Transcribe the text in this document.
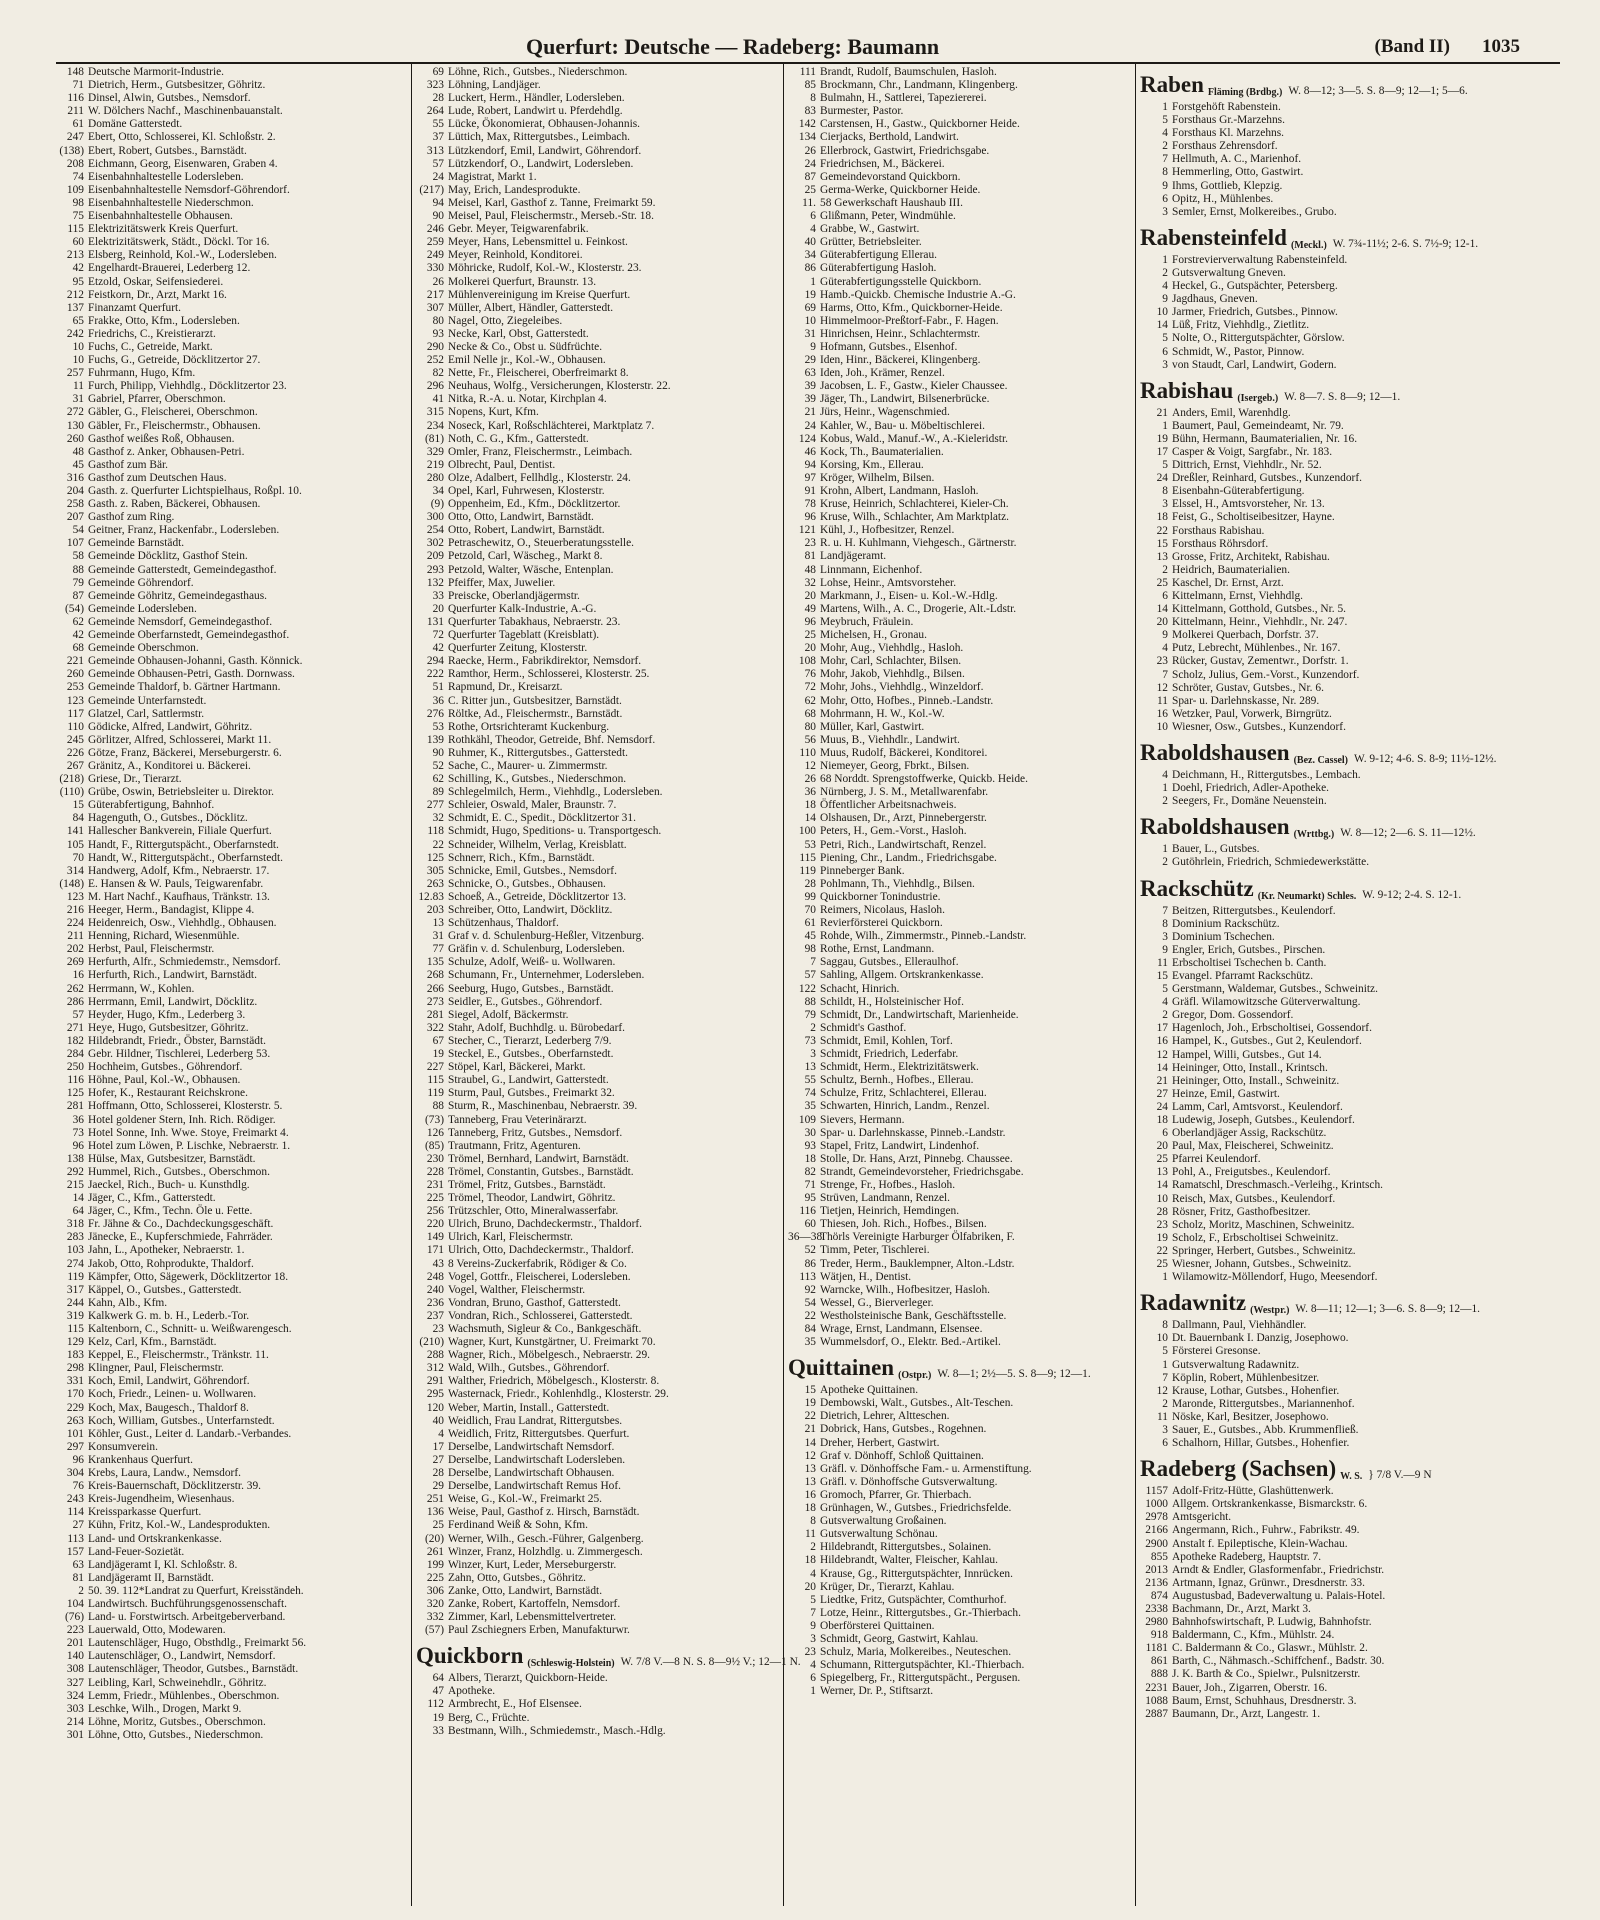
Querfurt: Deutsche — Radeberg: Baumann	(Band II) 1035
148 Deutsche Marmorit-Industrie.
71 Dietrich, Herm., Gutsbesitzer, Göhritz.
116 Dinsel, Alwin, Gutsbes., Nemsdorf.
211 W. Dölchers Nachf., Maschinenbauanstalt.
61 Domäne Gatterstedt.
247 Ebert, Otto, Schlosserei, Kl. Schloßstr. 2.
(138) Ebert, Robert, Gutsbes., Barnstädt.
208 Eichmann, Georg, Eisenwaren, Graben 4.
74 Eisenbahnhaltestelle Lodersleben.
109 Eisenbahnhaltestelle Nemsdorf-Göhrendorf.
98 Eisenbahnhaltestelle Niederschmon.
75 Eisenbahnhaltestelle Obhausen.
115 Elektrizitätswerk Kreis Querfurt.
60 Elektrizitätswerk, Städt., Döckl. Tor 16.
213 Elsberg, Reinhold, Kol.-W., Lodersleben.
42 Engelhardt-Brauerei, Lederberg 12.
95 Etzold, Oskar, Seifensiederei.
212 Feistkorn, Dr., Arzt, Markt 16.
137 Finanzamt Querfurt.
65 Frakke, Otto, Kfm., Lodersleben.
242 Friedrichs, C., Kreistierarzt.
10 Fuchs, C., Getreide, Markt.
10 Fuchs, G., Getreide, Döcklitzertor 27.
257 Fuhrmann, Hugo, Kfm.
11 Furch, Philipp, Viehhdlg., Döcklitzertor 23.
31 Gabriel, Pfarrer, Oberschmon.
272 Gäbler, G., Fleischerei, Oberschmon.
130 Gäbler, Fr., Fleischermstr., Obhausen.
260 Gasthof weißes Roß, Obhausen.
48 Gasthof z. Anker, Obhausen-Petri.
45 Gasthof zum Bär.
316 Gasthof zum Deutschen Haus.
204 Gasth. z. Querfurter Lichtspielhaus, Roßpl. 10.
258 Gasth. z. Raben, Bäckerei, Obhausen.
207 Gasthof zum Ring.
54 Geitner, Franz, Hackenfabr., Lodersleben.
107 Gemeinde Barnstädt.
58 Gemeinde Döcklitz, Gasthof Stein.
88 Gemeinde Gatterstedt, Gemeindegasthof.
79 Gemeinde Göhrendorf.
87 Gemeinde Göhritz, Gemeindegasthaus.
(54) Gemeinde Lodersleben.
62 Gemeinde Nemsdorf, Gemeindegasthof.
42 Gemeinde Oberfarnstedt, Gemeindegasthof.
68 Gemeinde Oberschmon.
221 Gemeinde Obhausen-Johanni, Gasth. Könnick.
260 Gemeinde Obhausen-Petri, Gasth. Dornwass.
253 Gemeinde Thaldorf, b. Gärtner Hartmann.
123 Gemeinde Unterfarnstedt.
117 Glatzel, Carl, Sattlermstr.
110 Gödicke, Alfred, Landwirt, Göhritz.
245 Görlitzer, Alfred, Schlosserei, Markt 11.
226 Götze, Franz, Bäckerei, Merseburgerstr. 6.
267 Gränitz, A., Konditorei u. Bäckerei.
(218) Griese, Dr., Tierarzt.
(110) Grübe, Oswin, Betriebsleiter u. Direktor.
15 Güterabfertigung, Bahnhof.
84 Hagenguth, O., Gutsbes., Döcklitz.
141 Hallescher Bankverein, Filiale Querfurt.
105 Handt, F., Rittergutspächt., Oberfarnstedt.
70 Handt, W., Rittergutspächt., Oberfarnstedt.
314 Handwerg, Adolf, Kfm., Nebraerstr. 17.
(148) E. Hansen & W. Pauls, Teigwarenfabr.
123 M. Hart Nachf., Kaufhaus, Tränkstr. 13.
216 Heeger, Herm., Bandagist, Klippe 4.
224 Heidenreich, Osw., Viehhdlg., Obhausen.
211 Henning, Richard, Wiesenmühle.
202 Herbst, Paul, Fleischermstr.
269 Herfurth, Alfr., Schmiedemstr., Nemsdorf.
16 Herfurth, Rich., Landwirt, Barnstädt.
262 Herrmann, W., Kohlen.
286 Herrmann, Emil, Landwirt, Döcklitz.
57 Heyder, Hugo, Kfm., Lederberg 3.
271 Heye, Hugo, Gutsbesitzer, Göhritz.
182 Hildebrandt, Friedr., Öbster, Barnstädt.
284 Gebr. Hildner, Tischlerei, Lederberg 53.
250 Hochheim, Gutsbes., Göhrendorf.
116 Höhne, Paul, Kol.-W., Obhausen.
125 Hofer, K., Restaurant Reichskrone.
281 Hoffmann, Otto, Schlosserei, Klosterstr. 5.
36 Hotel goldener Stern, Inh. Rich. Rödiger.
73 Hotel Sonne, Inh. Wwe. Stoye, Freimarkt 4.
96 Hotel zum Löwen, P. Lischke, Nebraerstr. 1.
138 Hülse, Max, Gutsbesitzer, Barnstädt.
292 Hummel, Rich., Gutsbes., Oberschmon.
215 Jaeckel, Rich., Buch- u. Kunsthdlg.
14 Jäger, C., Kfm., Gatterstedt.
64 Jäger, C., Kfm., Techn. Öle u. Fette.
318 Fr. Jähne & Co., Dachdeckungsgeschäft.
283 Jänecke, E., Kupferschmiede, Fahrräder.
103 Jahn, L., Apotheker, Nebraerstr. 1.
274 Jakob, Otto, Rohprodukte, Thaldorf.
119 Kämpfer, Otto, Sägewerk, Döcklitzertor 18.
317 Käppel, O., Gutsbes., Gatterstedt.
244 Kahn, Alb., Kfm.
319 Kalkwerk G. m. b. H., Lederb.-Tor.
115 Kaltenborn, C., Schnitt- u. Weißwarengesch.
129 Kelz, Carl, Kfm., Barnstädt.
183 Keppel, E., Fleischermstr., Tränkstr. 11.
298 Klingner, Paul, Fleischermstr.
331 Koch, Emil, Landwirt, Göhrendorf.
170 Koch, Friedr., Leinen- u. Wollwaren.
229 Koch, Max, Baugesch., Thaldorf 8.
263 Koch, William, Gutsbes., Unterfarnstedt.
101 Köhler, Gust., Leiter d. Landarb.-Verbandes.
297 Konsumverein.
96 Krankenhaus Querfurt.
304 Krebs, Laura, Landw., Nemsdorf.
76 Kreis-Bauernschaft, Döcklitzerstr. 39.
243 Kreis-Jugendheim, Wiesenhaus.
114 Kreissparkasse Querfurt.
27 Kühn, Fritz, Kol.-W., Landesprodukten.
113 Land- und Ortskrankenkasse.
157 Land-Feuer-Sozietät.
63 Landjägeramt I, Kl. Schloßstr. 8.
81 Landjägeramt II, Barnstädt.
2 50. 39. 112*Landrat zu Querfurt, Kreisständeh.
104 Landwirtsch. Buchführungsgenossenschaft.
(76) Land- u. Forstwirtsch. Arbeitgeberverband.
223 Lauerwald, Otto, Modewaren.
201 Lautenschläger, Hugo, Obsthdlg., Freimarkt 56.
140 Lautenschläger, O., Landwirt, Nemsdorf.
308 Lautenschläger, Theodor, Gutsbes., Barnstädt.
327 Leibling, Karl, Schweinehdlr., Göhritz.
324 Lemm, Friedr., Mühlenbes., Oberschmon.
303 Leschke, Wilh., Drogen, Markt 9.
214 Löhne, Moritz, Gutsbes., Oberschmon.
301 Löhne, Otto, Gutsbes., Niederschmon.
69 Löhne, Rich., Gutsbes., Niederschmon.
323 Löhning, Landjäger.
28 Luckert, Herm., Händler, Lodersleben.
264 Lude, Robert, Landwirt u. Pferdehdlg.
55 Lücke, Ökonomierat, Obhausen-Johannis.
37 Lüttich, Max, Rittergutsbes., Leimbach.
313 Lützkendorf, Emil, Landwirt, Göhrendorf.
57 Lützkendorf, O., Landwirt, Lodersleben.
24 Magistrat, Markt 1.
(217) May, Erich, Landesprodukte.
94 Meisel, Karl, Gasthof z. Tanne, Freimarkt 59.
90 Meisel, Paul, Fleischermstr., Merseb.-Str. 18.
246 Gebr. Meyer, Teigwarenfabrik.
259 Meyer, Hans, Lebensmittel u. Feinkost.
249 Meyer, Reinhold, Konditorei.
330 Möhricke, Rudolf, Kol.-W., Klosterstr. 23.
26 Molkerei Querfurt, Braunstr. 13.
217 Mühlenvereinigung im Kreise Querfurt.
307 Müller, Albert, Händler, Gatterstedt.
80 Nagel, Otto, Ziegeleibes.
93 Necke, Karl, Obst, Gatterstedt.
290 Necke & Co., Obst u. Südfrüchte.
252 Emil Nelle jr., Kol.-W., Obhausen.
82 Nette, Fr., Fleischerei, Oberfreimarkt 8.
296 Neuhaus, Wolfg., Versicherungen, Klosterstr. 22.
41 Nitka, R.-A. u. Notar, Kirchplan 4.
315 Nopens, Kurt, Kfm.
234 Noseck, Karl, Roßschlächterei, Marktplatz 7.
(81) Noth, C. G., Kfm., Gatterstedt.
329 Omler, Franz, Fleischermstr., Leimbach.
219 Olbrecht, Paul, Dentist.
280 Olze, Adalbert, Fellhdlg., Klosterstr. 24.
34 Opel, Karl, Fuhrwesen, Klosterstr.
(9) Oppenheim, Ed., Kfm., Döcklitzertor.
300 Otto, Otto, Landwirt, Barnstädt.
254 Otto, Robert, Landwirt, Barnstädt.
302 Petraschewitz, O., Steuerberatungsstelle.
209 Petzold, Carl, Wäscheg., Markt 8.
293 Petzold, Walter, Wäsche, Entenplan.
132 Pfeiffer, Max, Juwelier.
33 Preiscke, Oberlandjägermstr.
20 Querfurter Kalk-Industrie, A.-G.
131 Querfurter Tabakhaus, Nebraerstr. 23.
72 Querfurter Tageblatt (Kreisblatt).
42 Querfurter Zeitung, Klosterstr.
294 Raecke, Herm., Fabrikdirektor, Nemsdorf.
222 Ramthor, Herm., Schlosserei, Klosterstr. 25.
51 Rapmund, Dr., Kreisarzt.
36 C. Ritter jun., Gutsbesitzer, Barnstädt.
276 Röltke, Ad., Fleischermstr., Barnstädt.
53 Rothe, Ortsrichteramt Kuckenburg.
139 Rothkähl, Theodor, Getreide, Bhf. Nemsdorf.
90 Ruhmer, K., Rittergutsbes., Gatterstedt.
52 Sache, C., Maurer- u. Zimmermstr.
62 Schilling, K., Gutsbes., Niederschmon.
89 Schlegelmilch, Herm., Viehhdlg., Lodersleben.
277 Schleier, Oswald, Maler, Braunstr. 7.
32 Schmidt, E. C., Spedit., Döcklitzertor 31.
118 Schmidt, Hugo, Speditions- u. Transportgesch.
22 Schneider, Wilhelm, Verlag, Kreisblatt.
125 Schnerr, Rich., Kfm., Barnstädt.
305 Schnicke, Emil, Gutsbes., Nemsdorf.
263 Schnicke, O., Gutsbes., Obhausen.
12.83 Schoeß, A., Getreide, Döcklitzertor 13.
203 Schreiber, Otto, Landwirt, Döcklitz.
13 Schützenhaus, Thaldorf.
31 Graf v. d. Schulenburg-Heßler, Vitzenburg.
77 Gräfin v. d. Schulenburg, Lodersleben.
135 Schulze, Adolf, Weiß- u. Wollwaren.
268 Schumann, Fr., Unternehmer, Lodersleben.
266 Seeburg, Hugo, Gutsbes., Barnstädt.
273 Seidler, E., Gutsbes., Göhrendorf.
281 Siegel, Adolf, Bäckermstr.
322 Stahr, Adolf, Buchhdlg. u. Bürobedarf.
67 Stecher, C., Tierarzt, Lederberg 7/9.
19 Steckel, E., Gutsbes., Oberfarnstedt.
227 Stöpel, Karl, Bäckerei, Markt.
115 Straubel, G., Landwirt, Gatterstedt.
119 Sturm, Paul, Gutsbes., Freimarkt 32.
88 Sturm, R., Maschinenbau, Nebraerstr. 39.
(73) Tanneberg, Frau Veterinärarzt.
126 Tanneberg, Fritz, Gutsbes., Nemsdorf.
(85) Trautmann, Fritz, Agenturen.
230 Trömel, Bernhard, Landwirt, Barnstädt.
228 Trömel, Constantin, Gutsbes., Barnstädt.
231 Trömel, Fritz, Gutsbes., Barnstädt.
225 Trömel, Theodor, Landwirt, Göhritz.
256 Trützschler, Otto, Mineralwasserfabr.
220 Ulrich, Bruno, Dachdeckermstr., Thaldorf.
149 Ulrich, Karl, Fleischermstr.
171 Ulrich, Otto, Dachdeckermstr., Thaldorf.
43 8 Vereins-Zuckerfabrik, Rödiger & Co.
248 Vogel, Gottfr., Fleischerei, Lodersleben.
240 Vogel, Walther, Fleischermstr.
236 Vondran, Bruno, Gasthof, Gatterstedt.
237 Vondran, Rich., Schlosserei, Gatterstedt.
23 Wachsmuth, Sigleur & Co., Bankgeschäft.
(210) Wagner, Kurt, Kunstgärtner, U. Freimarkt 70.
288 Wagner, Rich., Möbelgesch., Nebraerstr. 29.
312 Wald, Wilh., Gutsbes., Göhrendorf.
291 Walther, Friedrich, Möbelgesch., Klosterstr. 8.
295 Wasternack, Friedr., Kohlenhdlg., Klosterstr. 29.
120 Weber, Martin, Install., Gatterstedt.
40 Weidlich, Frau Landrat, Rittergutsbes.
4 Weidlich, Fritz, Rittergutsbes. Querfurt.
17 Derselbe, Landwirtschaft Nemsdorf.
27 Derselbe, Landwirtschaft Lodersleben.
28 Derselbe, Landwirtschaft Obhausen.
29 Derselbe, Landwirtschaft Remus Hof.
251 Weise, G., Kol.-W., Freimarkt 25.
136 Weise, Paul, Gasthof z. Hirsch, Barnstädt.
25 Ferdinand Weiß & Sohn, Kfm.
(20) Werner, Wilh., Gesch.-Führer, Galgenberg.
261 Winzer, Franz, Holzhdlg. u. Zimmergesch.
199 Winzer, Kurt, Leder, Merseburgerstr.
225 Zahn, Otto, Gutsbes., Göhritz.
306 Zanke, Otto, Landwirt, Barnstädt.
320 Zanke, Robert, Kartoffeln, Nemsdorf.
332 Zimmer, Karl, Lebensmittelvertreter.
(57) Paul Zschiegners Erben, Manufakturwr.
Quickborn (Schleswig-Holstein) W. 7/8 V.—8 N. S. 8—9½ V.; 12—1 N.
64 Albers, Tierarzt, Quickborn-Heide.
47 Apotheke.
112 Armbrecht, E., Hof Elsensee.
19 Berg, C., Früchte.
33 Bestmann, Wilh., Schmiedemstr., Masch.-Hdlg.
111 Brandt, Rudolf, Baumschulen, Hasloh.
85 Brockmann, Chr., Landmann, Klingenberg.
8 Bulmahn, H., Sattlerei, Tapeziererei.
83 Burmester, Pastor.
142 Carstensen, H., Gastw., Quickborner Heide.
134 Cierjacks, Berthold, Landwirt.
26 Ellerbrock, Gastwirt, Friedrichsgabe.
24 Friedrichsen, M., Bäckerei.
87 Gemeindevorstand Quickborn.
25 Germa-Werke, Quickborner Heide.
11. 58 Gewerkschaft Haushaub III.
6 Glißmann, Peter, Windmühle.
4 Grabbe, W., Gastwirt.
40 Grütter, Betriebsleiter.
34 Güterabfertigung Ellerau.
86 Güterabfertigung Hasloh.
1 Güterabfertigungsstelle Quickborn.
19 Hamb.-Quickb. Chemische Industrie A.-G.
69 Harms, Otto, Kfm., Quickborner-Heide.
10 Himmelmoor-Preßtorf-Fabr., F. Hagen.
31 Hinrichsen, Heinr., Schlachtermstr.
9 Hofmann, Gutsbes., Elsenhof.
29 Iden, Hinr., Bäckerei, Klingenberg.
63 Iden, Joh., Krämer, Renzel.
39 Jacobsen, L. F., Gastw., Kieler Chaussee.
39 Jäger, Th., Landwirt, Bilsenerbrücke.
21 Jürs, Heinr., Wagenschmied.
24 Kahler, W., Bau- u. Möbeltischlerei.
124 Kobus, Wald., Manuf.-W., A.-Kieleridstr.
46 Kock, Th., Baumaterialien.
94 Korsing, Km., Ellerau.
97 Kröger, Wilhelm, Bilsen.
91 Krohn, Albert, Landmann, Hasloh.
78 Kruse, Heinrich, Schlachterei, Kieler-Ch.
96 Kruse, Wilh., Schlachter, Am Marktplatz.
121 Kühl, J., Hofbesitzer, Renzel.
23 R. u. H. Kuhlmann, Viehgesch., Gärtnerstr.
81 Landjägeramt.
48 Linnmann, Eichenhof.
32 Lohse, Heinr., Amtsvorsteher.
20 Markmann, J., Eisen- u. Kol.-W.-Hdlg.
49 Martens, Wilh., A. C., Drogerie, Alt.-Ldstr.
96 Meybruch, Fräulein.
25 Michelsen, H., Gronau.
20 Mohr, Aug., Viehhdlg., Hasloh.
108 Mohr, Carl, Schlachter, Bilsen.
76 Mohr, Jakob, Viehhdlg., Bilsen.
72 Mohr, Johs., Viehhdlg., Winzeldorf.
62 Mohr, Otto, Hofbes., Pinneb.-Landstr.
68 Mohrmann, H. W., Kol.-W.
80 Müller, Karl, Gastwirt.
56 Muus, B., Viehhdlr., Landwirt.
110 Muus, Rudolf, Bäckerei, Konditorei.
12 Niemeyer, Georg, Fbrkt., Bilsen.
26 68 Norddt. Sprengstoffwerke, Quickb. Heide.
36 Nürnberg, J. S. M., Metallwarenfabr.
18 Öffentlicher Arbeitsnachweis.
14 Olshausen, Dr., Arzt, Pinnebergerstr.
100 Peters, H., Gem.-Vorst., Hasloh.
53 Petri, Rich., Landwirtschaft, Renzel.
115 Piening, Chr., Landm., Friedrichsgabe.
119 Pinneberger Bank.
28 Pohlmann, Th., Viehhdlg., Bilsen.
99 Quickborner Tonindustrie.
70 Reimers, Nicolaus, Hasloh.
61 Revierförsterei Quickborn.
45 Rohde, Wilh., Zimmermstr., Pinneb.-Landstr.
98 Rothe, Ernst, Landmann.
7 Saggau, Gutsbes., Elleraulhof.
57 Sahling, Allgem. Ortskrankenkasse.
122 Schacht, Hinrich.
88 Schildt, H., Holsteinischer Hof.
79 Schmidt, Dr., Landwirtschaft, Marienheide.
2 Schmidt's Gasthof.
73 Schmidt, Emil, Kohlen, Torf.
3 Schmidt, Friedrich, Lederfabr.
13 Schmidt, Herm., Elektrizitätswerk.
55 Schultz, Bernh., Hofbes., Ellerau.
74 Schulze, Fritz, Schlachterei, Ellerau.
35 Schwarten, Hinrich, Landm., Renzel.
109 Sievers, Hermann.
30 Spar- u. Darlehnskasse, Pinneb.-Landstr.
93 Stapel, Fritz, Landwirt, Lindenhof.
18 Stolle, Dr. Hans, Arzt, Pinnebg. Chaussee.
82 Strandt, Gemeindevorsteher, Friedrichsgabe.
71 Strenge, Fr., Hofbes., Hasloh.
95 Strüven, Landmann, Renzel.
116 Tietjen, Heinrich, Hemdingen.
60 Thiesen, Joh. Rich., Hofbes., Bilsen.
36—38
Thörls Vereinigte Harburger Ölfabriken, F.
52 Timm, Peter, Tischlerei.
86 Treder, Herm., Bauklempner, Alton.-Ldstr.
113 Wätjen, H., Dentist.
92 Warncke, Wilh., Hofbesitzer, Hasloh.
54 Wessel, G., Bierverleger.
22 Westholsteinische Bank, Geschäftsstelle.
84 Wrage, Ernst, Landmann, Elsensee.
35 Wummelsdorf, O., Elektr. Bed.-Artikel.
Quittainen (Ostpr.) W. 8—1; 2½—5. S. 8—9; 12—1.
15 Apotheke Quittainen.
19 Dembowski, Walt., Gutsbes., Alt-Teschen.
22 Dietrich, Lehrer, Altteschen.
21 Dobrick, Hans, Gutsbes., Rogehnen.
14 Dreher, Herbert, Gastwirt.
12 Graf v. Dönhoff, Schloß Quittainen.
13 Gräfl. v. Dönhoffsche Fam.- u. Armenstiftung.
13 Gräfl. v. Dönhoffsche Gutsverwaltung.
16 Gromoch, Pfarrer, Gr. Thierbach.
18 Grünhagen, W., Gutsbes., Friedrichsfelde.
8 Gutsverwaltung Großainen.
11 Gutsverwaltung Schönau.
2 Hildebrandt, Rittergutsbes., Solainen.
18 Hildebrandt, Walter, Fleischer, Kahlau.
4 Krause, Gg., Rittergutspächter, Innrücken.
20 Krüger, Dr., Tierarzt, Kahlau.
5 Liedtke, Fritz, Gutspächter, Comthurhof.
7 Lotze, Heinr., Rittergutsbes., Gr.-Thierbach.
9 Oberförsterei Quittainen.
3 Schmidt, Georg, Gastwirt, Kahlau.
23 Schulz, Maria, Molkereibes., Neuteschen.
4 Schumann, Rittergutspächter, Kl.-Thierbach.
6 Spiegelberg, Fr., Rittergutspächt., Pergusen.
1 Werner, Dr. P., Stiftsarzt.
Raben Fläming (Brdbg.) W. 8—12; 3—5. S. 8—9; 12—1; 5—6.
1 Forstgehöft Rabenstein.
5 Forsthaus Gr.-Marzehns.
4 Forsthaus Kl. Marzehns.
2 Forsthaus Zehrensdorf.
7 Hellmuth, A. C., Marienhof.
8 Hemmerling, Otto, Gastwirt.
9 Ihms, Gottlieb, Klepzig.
6 Opitz, H., Mühlenbes.
3 Semler, Ernst, Molkereibes., Grubo.
Rabensteinfeld (Meckl.) W. 7¾-11½; 2-6. S. 7½-9; 12-1.
1 Forstrevierverwaltung Rabensteinfeld.
2 Gutsverwaltung Gneven.
4 Heckel, G., Gutspächter, Petersberg.
9 Jagdhaus, Gneven.
10 Jarmer, Friedrich, Gutsbes., Pinnow.
14 Lüß, Fritz, Viehhdlg., Zietlitz.
5 Nolte, O., Rittergutspächter, Görslow.
6 Schmidt, W., Pastor, Pinnow.
3 von Staudt, Carl, Landwirt, Godern.
Rabishau (Isergeb.) W. 8—7. S. 8—9; 12—1.
21 Anders, Emil, Warenhdlg.
1 Baumert, Paul, Gemeindeamt, Nr. 79.
19 Bühn, Hermann, Baumaterialien, Nr. 16.
17 Casper & Voigt, Sargfabr., Nr. 183.
5 Dittrich, Ernst, Viehhdlr., Nr. 52.
24 Dreßler, Reinhard, Gutsbes., Kunzendorf.
8 Eisenbahn-Güterabfertigung.
3 Elssel, H., Amtsvorsteher, Nr. 13.
18 Feist, G., Scholtiseibesitzer, Hayne.
22 Forsthaus Rabishau.
15 Forsthaus Röhrsdorf.
13 Grosse, Fritz, Architekt, Rabishau.
2 Heidrich, Baumaterialien.
25 Kaschel, Dr. Ernst, Arzt.
6 Kittelmann, Ernst, Viehhdlg.
14 Kittelmann, Gotthold, Gutsbes., Nr. 5.
20 Kittelmann, Heinr., Viehhdlr., Nr. 247.
9 Molkerei Querbach, Dorfstr. 37.
4 Putz, Lebrecht, Mühlenbes., Nr. 167.
23 Rücker, Gustav, Zementwr., Dorfstr. 1.
7 Scholz, Julius, Gem.-Vorst., Kunzendorf.
12 Schröter, Gustav, Gutsbes., Nr. 6.
11 Spar- u. Darlehnskasse, Nr. 289.
16 Wetzker, Paul, Vorwerk, Birngrütz.
10 Wiesner, Osw., Gutsbes., Kunzendorf.
Raboldshausen (Bez. Cassel) W. 9-12; 4-6. S. 8-9; 11½-12½.
4 Deichmann, H., Rittergutsbes., Lembach.
1 Doehl, Friedrich, Adler-Apotheke.
2 Seegers, Fr., Domäne Neuenstein.
Raboldshausen (Wrttbg.) W. 8—12; 2—6. S. 11—12½.
1 Bauer, L., Gutsbes.
2 Gutöhrlein, Friedrich, Schmiedewerkstätte.
Rackschütz (Kr. Neumarkt) Schles. W. 9-12; 2-4. S. 12-1.
7 Beitzen, Rittergutsbes., Keulendorf.
8 Dominium Rackschütz.
3 Dominium Tschechen.
9 Engler, Erich, Gutsbes., Pirschen.
11 Erbscholtisei Tschechen b. Canth.
15 Evangel. Pfarramt Rackschütz.
5 Gerstmann, Waldemar, Gutsbes., Schweinitz.
4 Gräfl. Wilamowitzsche Güterverwaltung.
2 Gregor, Dom. Gossendorf.
17 Hagenloch, Joh., Erbscholtisei, Gossendorf.
16 Hampel, K., Gutsbes., Gut 2, Keulendorf.
12 Hampel, Willi, Gutsbes., Gut 14.
14 Heininger, Otto, Install., Krintsch.
21 Heininger, Otto, Install., Schweinitz.
27 Heinze, Emil, Gastwirt.
24 Lamm, Carl, Amtsvorst., Keulendorf.
18 Ludewig, Joseph, Gutsbes., Keulendorf.
6 Oberlandjäger Assig, Rackschütz.
20 Paul, Max, Fleischerei, Schweinitz.
25 Pfarrei Keulendorf.
13 Pohl, A., Freigutsbes., Keulendorf.
14 Ramatschl, Dreschmasch.-Verleihg., Krintsch.
10 Reisch, Max, Gutsbes., Keulendorf.
28 Rösner, Fritz, Gasthofbesitzer.
23 Scholz, Moritz, Maschinen, Schweinitz.
19 Scholz, F., Erbscholtisei Schweinitz.
22 Springer, Herbert, Gutsbes., Schweinitz.
25 Wiesner, Johann, Gutsbes., Schweinitz.
1 Wilamowitz-Möllendorf, Hugo, Meesendorf.
Radawnitz (Westpr.) W. 8—11; 12—1; 3—6. S. 8—9; 12—1.
8 Dallmann, Paul, Viehhändler.
10 Dt. Bauernbank I. Danzig, Josephowo.
5 Försterei Gresonse.
1 Gutsverwaltung Radawnitz.
7 Köplin, Robert, Mühlenbesitzer.
12 Krause, Lothar, Gutsbes., Hohenfier.
2 Maronde, Rittergutsbes., Mariannenhof.
11 Nöske, Karl, Besitzer, Josephowo.
3 Sauer, E., Gutsbes., Abb. Krummenfließ.
6 Schalhorn, Hillar, Gutsbes., Hohenfier.
Radeberg (Sachsen) W. S. } 7/8 V.—9 N
1157 Adolf-Fritz-Hütte, Glashüttenwerk.
1000 Allgem. Ortskrankenkasse, Bismarckstr. 6.
2978 Amtsgericht.
2166 Angermann, Rich., Fuhrw., Fabrikstr. 49.
2900 Anstalt f. Epileptische, Klein-Wachau.
855 Apotheke Radeberg, Hauptstr. 7.
2013 Arndt & Endler, Glasformenfabr., Friedrichstr.
2136 Artmann, Ignaz, Grünwr., Dresdnerstr. 33.
874 Augustusbad, Badeverwaltung u. Palais-Hotel.
2338 Bachmann, Dr., Arzt, Markt 3.
2980 Bahnhofswirtschaft, P. Ludwig, Bahnhofstr.
918 Baldermann, C., Kfm., Mühlstr. 24.
1181 C. Baldermann & Co., Glaswr., Mühlstr. 2.
861 Barth, C., Nähmasch.-Schiffchenf., Badstr. 30.
888 J. K. Barth & Co., Spielwr., Pulsnitzerstr.
2231 Bauer, Joh., Zigarren, Oberstr. 16.
1088 Baum, Ernst, Schuhhaus, Dresdnerstr. 3.
2887 Baumann, Dr., Arzt, Langestr. 1.
